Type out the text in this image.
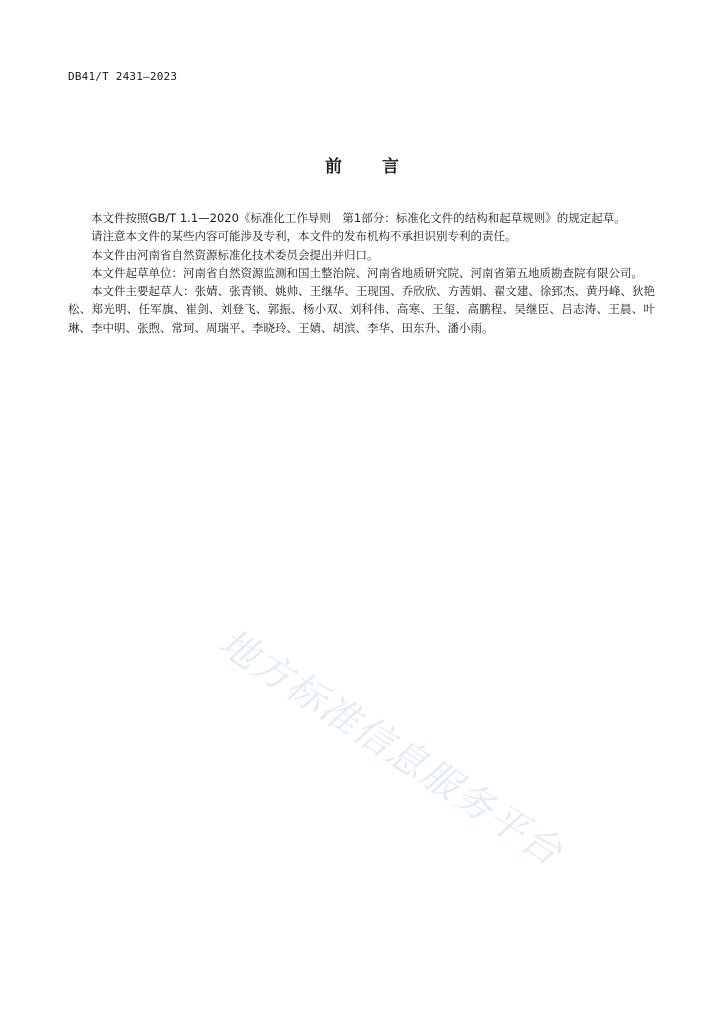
DB41/T 2431—2023
前言

本文件按照GB/T 1.1—2020《标准化工作导则　第1部分：标准化文件的结构和起草规则》的规定起草。

请注意本文件的某些内容可能涉及专利，本文件的发布机构不承担识别专利的责任。

本文件由河南省自然资源标准化技术委员会提出并归口。

本文件起草单位：河南省自然资源监测和国土整治院、河南省地质研究院、河南省第五地质勘查院有限公司。

本文件主要起草人：张婧、张青锁、姚帅、王继华、王现国、乔欣欣、方茜娟、翟文建、徐郅杰、黄丹峰、狄艳松、郑光明、任军旗、崔剑、刘登飞、郭振、杨小双、刘科伟、高寒、王玺、高鹏程、吴继臣、吕志涛、王晨、叶琳、李中明、张煦、常珂、周瑞平、李晓玲、王婧、胡滨、李华、田东升、潘小雨。

地方标准信息服务平台
